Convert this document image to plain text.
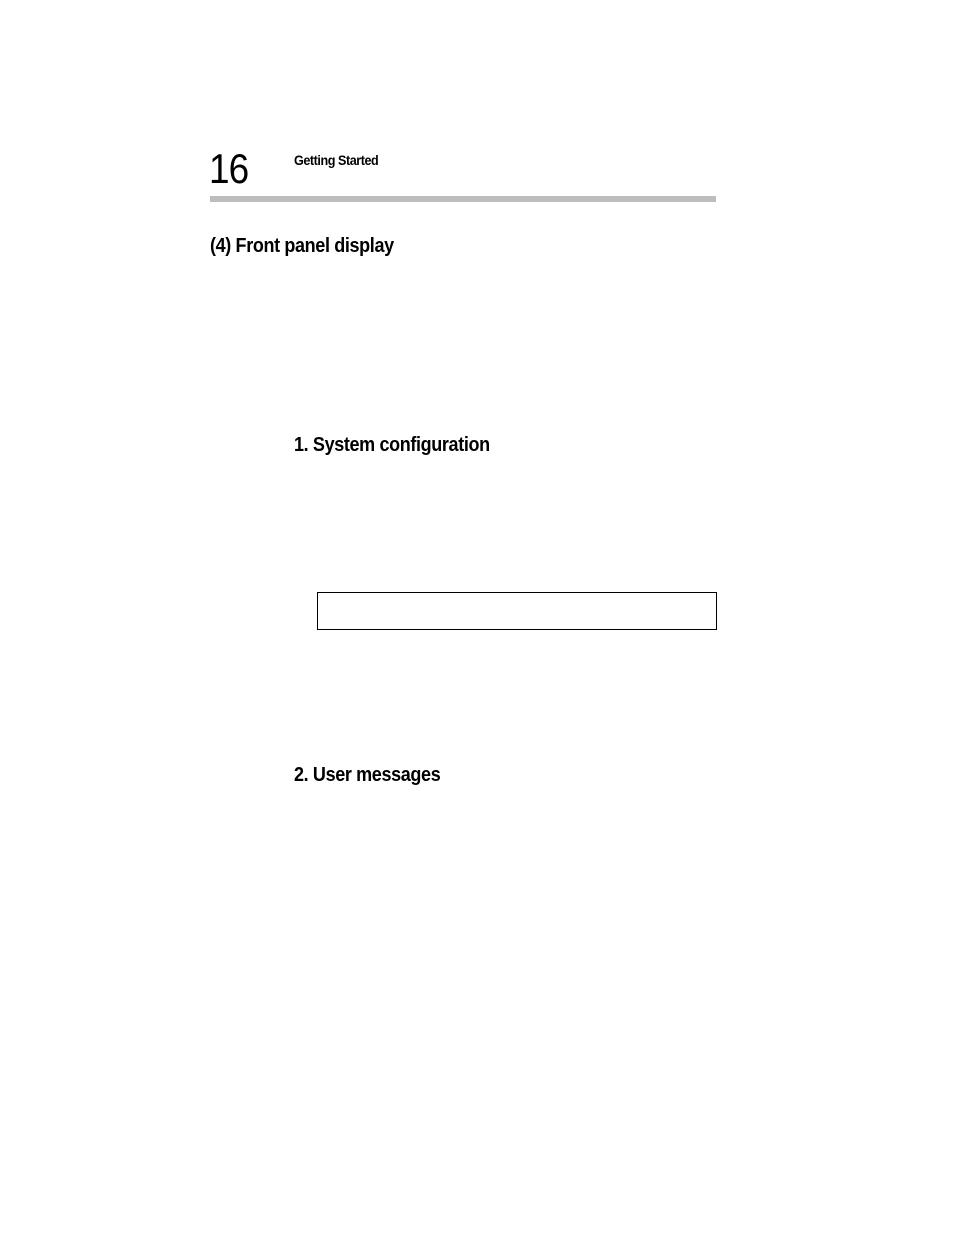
16	Getting Started
(4) Front panel display
1. System configuration
2. User messages
